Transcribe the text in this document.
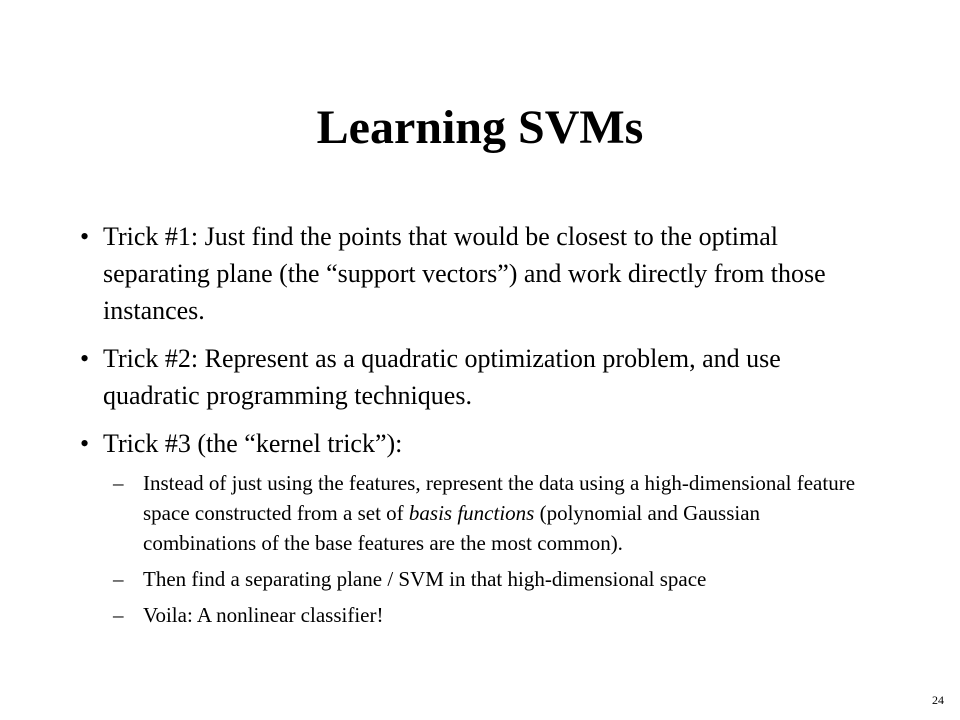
Learning SVMs

• Trick #1: Just find the points that would be closest to the optimal separating plane (the “support vectors”) and work directly from those instances.

• Trick #2: Represent as a quadratic optimization problem, and use quadratic programming techniques.

• Trick #3 (the “kernel trick”):

– Instead of just using the features, represent the data using a high-dimensional feature space constructed from a set of basis functions (polynomial and Gaussian combinations of the base features are the most common).

– Then find a separating plane / SVM in that high-dimensional space

– Voila: A nonlinear classifier!

24
